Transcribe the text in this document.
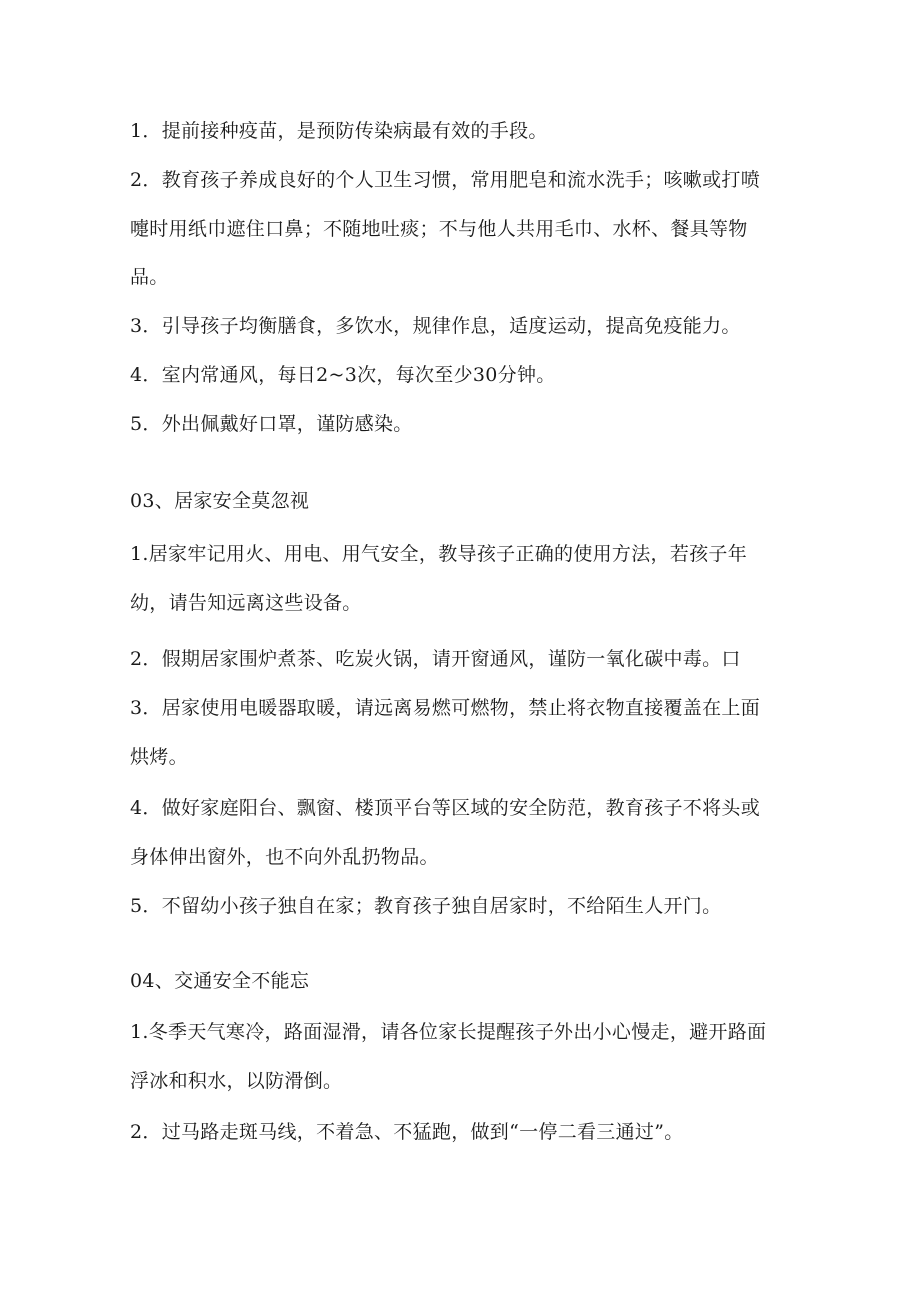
1．提前接种疫苗，是预防传染病最有效的手段。
2．教育孩子养成良好的个人卫生习惯，常用肥皂和流水洗手；咳嗽或打喷
嚏时用纸巾遮住口鼻；不随地吐痰；不与他人共用毛巾、水杯、餐具等物
品。
3．引导孩子均衡膳食，多饮水，规律作息，适度运动，提高免疫能力。
4．室内常通风，每日2~3次，每次至少30分钟。
5．外出佩戴好口罩，谨防感染。
03、居家安全莫忽视
1.居家牢记用火、用电、用气安全，教导孩子正确的使用方法，若孩子年
幼，请告知远离这些设备。
2．假期居家围炉煮茶、吃炭火锅，请开窗通风，谨防一氧化碳中毒。口
3．居家使用电暖器取暖，请远离易燃可燃物，禁止将衣物直接覆盖在上面
烘烤。
4．做好家庭阳台、飘窗、楼顶平台等区域的安全防范，教育孩子不将头或
身体伸出窗外，也不向外乱扔物品。
5．不留幼小孩子独自在家；教育孩子独自居家时，不给陌生人开门。
04、交通安全不能忘
1.冬季天气寒冷，路面湿滑，请各位家长提醒孩子外出小心慢走，避开路面
浮冰和积水，以防滑倒。
2．过马路走斑马线，不着急、不猛跑，做到“一停二看三通过”。
